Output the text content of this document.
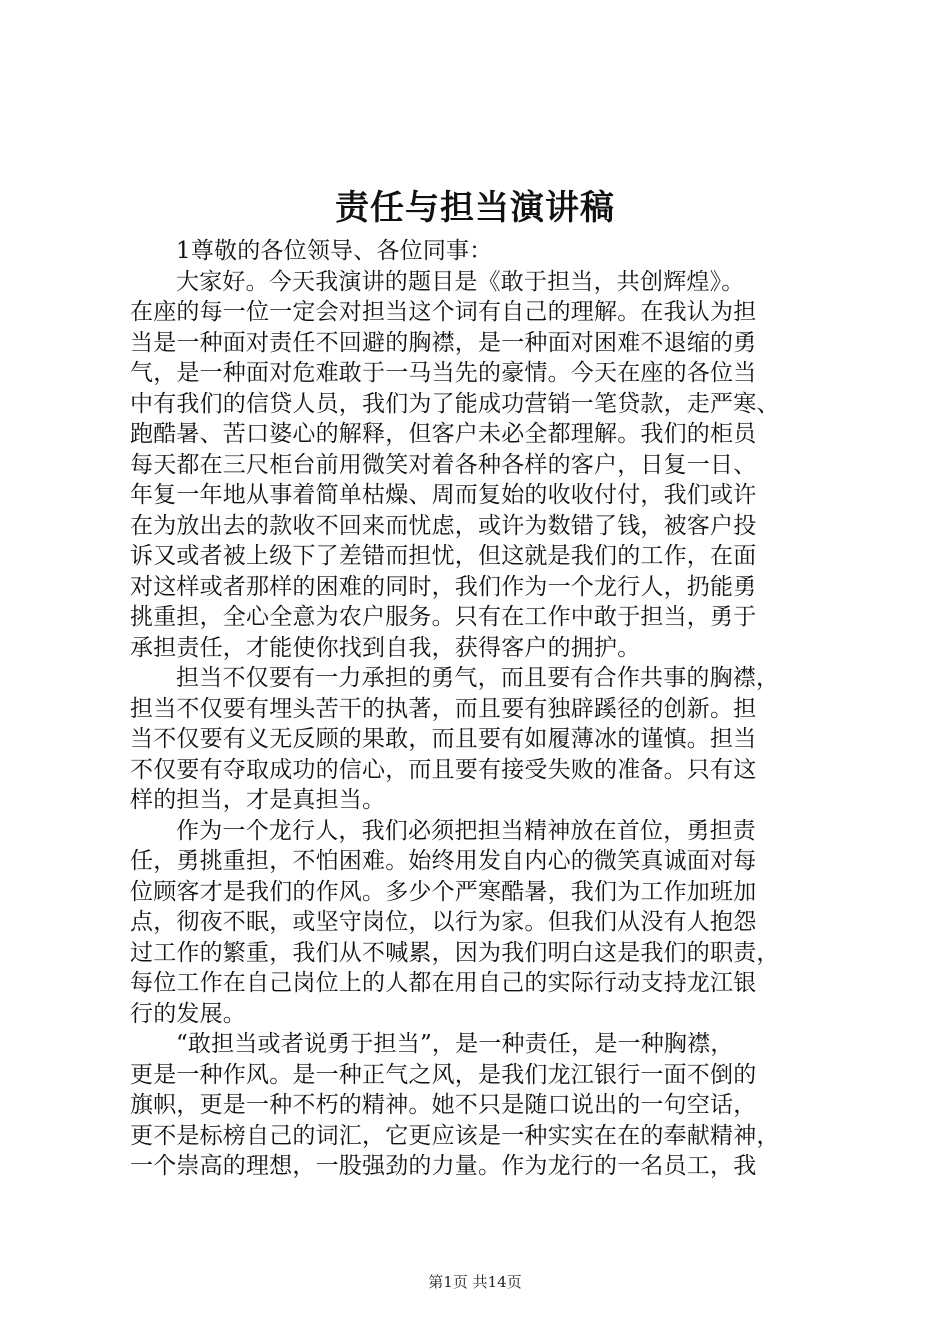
责任与担当演讲稿
1尊敬的各位领导、各位同事：
大家好。今天我演讲的题目是《敢于担当，共创辉煌》。
在座的每一位一定会对担当这个词有自己的理解。在我认为担
当是一种面对责任不回避的胸襟，是一种面对困难不退缩的勇
气，是一种面对危难敢于一马当先的豪情。今天在座的各位当
中有我们的信贷人员，我们为了能成功营销一笔贷款，走严寒、
跑酷暑、苦口婆心的解释，但客户未必全都理解。我们的柜员
每天都在三尺柜台前用微笑对着各种各样的客户，日复一日、
年复一年地从事着简单枯燥、周而复始的收收付付，我们或许
在为放出去的款收不回来而忧虑，或许为数错了钱，被客户投
诉又或者被上级下了差错而担忧，但这就是我们的工作，在面
对这样或者那样的困难的同时，我们作为一个龙行人，扔能勇
挑重担，全心全意为农户服务。只有在工作中敢于担当，勇于
承担责任，才能使你找到自我，获得客户的拥护。
担当不仅要有一力承担的勇气，而且要有合作共事的胸襟，
担当不仅要有埋头苦干的执著，而且要有独辟蹊径的创新。担
当不仅要有义无反顾的果敢，而且要有如履薄冰的谨慎。担当
不仅要有夺取成功的信心，而且要有接受失败的准备。只有这
样的担当，才是真担当。
作为一个龙行人，我们必须把担当精神放在首位，勇担责
任，勇挑重担，不怕困难。始终用发自内心的微笑真诚面对每
位顾客才是我们的作风。多少个严寒酷暑，我们为工作加班加
点，彻夜不眠，或坚守岗位，以行为家。但我们从没有人抱怨
过工作的繁重，我们从不喊累，因为我们明白这是我们的职责，
每位工作在自己岗位上的人都在用自己的实际行动支持龙江银
行的发展。
“敢担当或者说勇于担当”，是一种责任，是一种胸襟，
更是一种作风。是一种正气之风，是我们龙江银行一面不倒的
旗帜，更是一种不朽的精神。她不只是随口说出的一句空话，
更不是标榜自己的词汇，它更应该是一种实实在在的奉献精神，
一个崇高的理想，一股强劲的力量。作为龙行的一名员工，我
第1页 共14页
